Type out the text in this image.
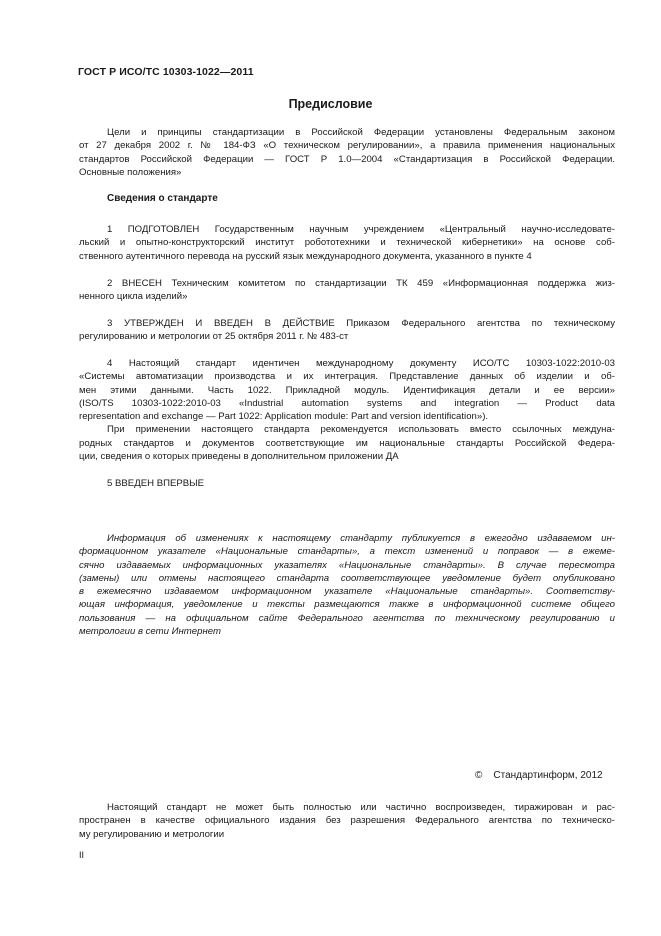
ГОСТ Р ИСО/ТС 10303-1022—2011
Предисловие
Цели и принципы стандартизации в Российской Федерации установлены Федеральным законом
от 27 декабря 2002 г. № 184-ФЗ «О техническом регулировании», а правила применения национальных
стандартов Российской Федерации — ГОСТ Р 1.0—2004 «Стандартизация в Российской Федерации.
Основные положения»
Сведения о стандарте
1 ПОДГОТОВЛЕН Государственным научным учреждением «Центральный научно-исследовате-
льский и опытно-конструкторский институт робототехники и технической кибернетики» на основе соб-
ственного аутентичного перевода на русский язык международного документа, указанного в пункте 4
2 ВНЕСЕН Техническим комитетом по стандартизации ТК 459 «Информационная поддержка жиз-
ненного цикла изделий»
3 УТВЕРЖДЕН И ВВЕДЕН В ДЕЙСТВИЕ Приказом Федерального агентства по техническому
регулированию и метрологии от 25 октября 2011 г. № 483-ст
4 Настоящий стандарт идентичен международному документу ИСО/ТС 10303-1022:2010-03
«Системы автоматизации производства и их интеграция. Представление данных об изделии и об-
мен этими данными. Часть 1022. Прикладной модуль. Идентификация детали и ее версии»
(ISO/TS 10303-1022:2010-03 «Industrial automation systems and integration — Product data
representation and exchange — Part 1022: Application module: Part and version identification»).
При применении настоящего стандарта рекомендуется использовать вместо ссылочных междуна-
родных стандартов и документов соответствующие им национальные стандарты Российской Федера-
ции, сведения о которых приведены в дополнительном приложении ДА
5 ВВЕДЕН ВПЕРВЫЕ
Информация об изменениях к настоящему стандарту публикуется в ежегодно издаваемом ин-
формационном указателе «Национальные стандарты», а текст изменений и поправок — в ежеме-
сячно издаваемых информационных указателях «Национальные стандарты». В случае пересмотра
(замены) или отмены настоящего стандарта соответствующее уведомление будет опубликовано
в ежемесячно издаваемом информационном указателе «Национальные стандарты». Соответству-
ющая информация, уведомление и тексты размещаются также в информационной системе общего
пользования — на официальном сайте Федерального агентства по техническому регулированию и
метрологии в сети Интернет
© Стандартинформ, 2012
Настоящий стандарт не может быть полностью или частично воспроизведен, тиражирован и рас-
пространен в качестве официального издания без разрешения Федерального агентства по техническо-
му регулированию и метрологии
II
